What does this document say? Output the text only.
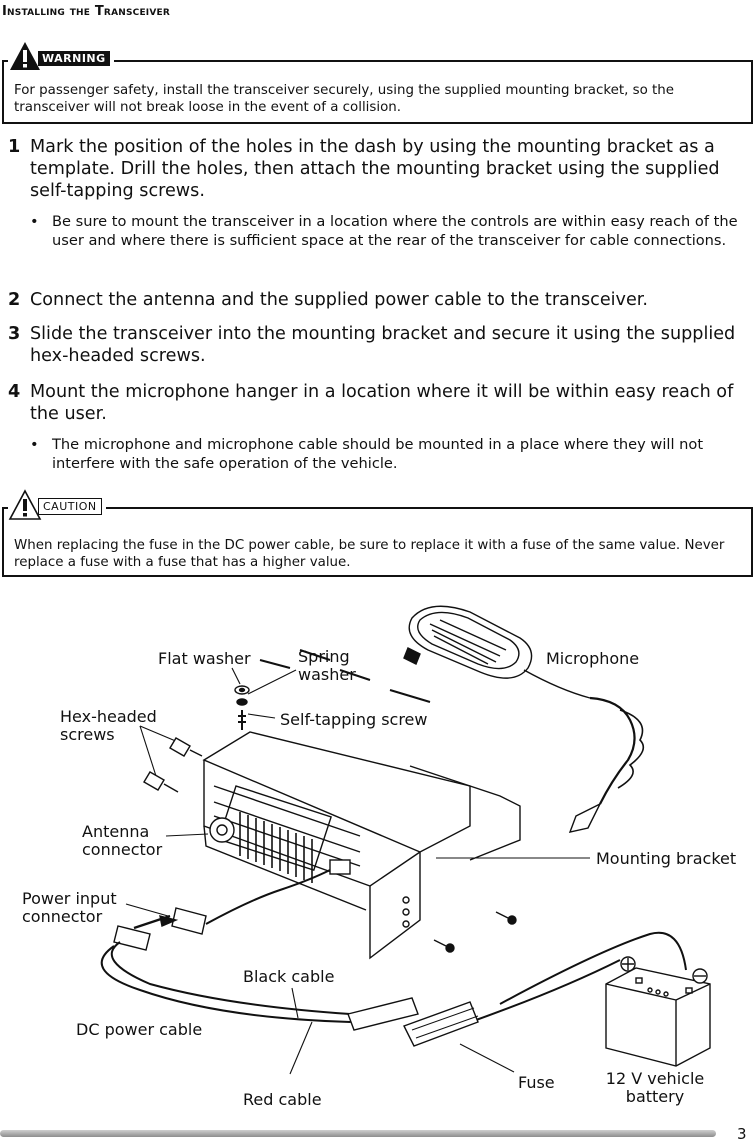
Installing the Transceiver
WARNING
For passenger safety, install the transceiver securely, using the supplied mounting bracket, so the transceiver will not break loose in the event of a collision.
1 Mark the position of the holes in the dash by using the mounting bracket as a template. Drill the holes, then attach the mounting bracket using the supplied self-tapping screws.
• Be sure to mount the transceiver in a location where the controls are within easy reach of the user and where there is sufficient space at the rear of the transceiver for cable connections.
2 Connect the antenna and the supplied power cable to the transceiver.
3 Slide the transceiver into the mounting bracket and secure it using the supplied hex-headed screws.
4 Mount the microphone hanger in a location where it will be within easy reach of the user.
• The microphone and microphone cable should be mounted in a place where they will not interfere with the safe operation of the vehicle.
CAUTION
When replacing the fuse in the DC power cable, be sure to replace it with a fuse of the same value. Never replace a fuse with a fuse that has a higher value.
Flat washer	Spring washer
Microphone
Hex-headed screws
Self-tapping screw
Antenna connector	Mounting bracket
Power input connector
Black cable
DC power cable
Red cable
Fuse	12 V vehicle battery
3
